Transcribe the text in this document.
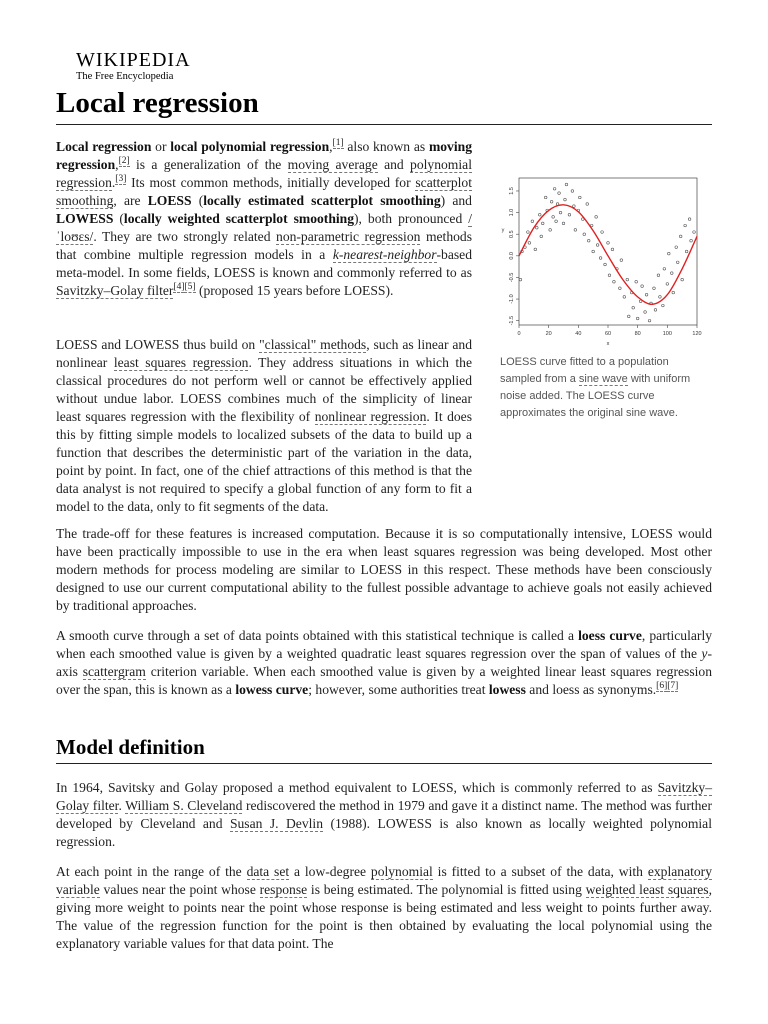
WIKIPEDIA
The Free Encyclopedia
Local regression
Local regression or local polynomial regression,[1] also known as moving regression,[2] is a generalization of the moving average and polynomial regression.[3] Its most common methods, initially developed for scatterplot smoothing, are LOESS (locally estimated scatterplot smoothing) and LOWESS (locally weighted scatterplot smoothing), both pronounced /ˈloʊɛs/. They are two strongly related non-parametric regression methods that combine multiple regression models in a k-nearest-neighbor-based meta-model. In some fields, LOESS is known and commonly referred to as Savitzky–Golay filter[4][5] (proposed 15 years before LOESS).
0	20	40	60	80	100	120
-1.5
-1.0
-0.5
0.0
0.5
1.0
1.5
x
y
LOESS curve fitted to a population sampled from a sine wave with uniform noise added. The LOESS curve approximates the original sine wave.
LOESS and LOWESS thus build on "classical" methods, such as linear and nonlinear least squares regression. They address situations in which the classical procedures do not perform well or cannot be effectively applied without undue labor. LOESS combines much of the simplicity of linear least squares regression with the flexibility of nonlinear regression. It does this by fitting simple models to localized subsets of the data to build up a function that describes the deterministic part of the variation in the data, point by point. In fact, one of the chief attractions of this method is that the data analyst is not required to specify a global function of any form to fit a model to the data, only to fit segments of the data.
The trade-off for these features is increased computation. Because it is so computationally intensive, LOESS would have been practically impossible to use in the era when least squares regression was being developed. Most other modern methods for process modeling are similar to LOESS in this respect. These methods have been consciously designed to use our current computational ability to the fullest possible advantage to achieve goals not easily achieved by traditional approaches.
A smooth curve through a set of data points obtained with this statistical technique is called a loess curve, particularly when each smoothed value is given by a weighted quadratic least squares regression over the span of values of the y-axis scattergram criterion variable. When each smoothed value is given by a weighted linear least squares regression over the span, this is known as a lowess curve; however, some authorities treat lowess and loess as synonyms.[6][7]
Model definition
In 1964, Savitsky and Golay proposed a method equivalent to LOESS, which is commonly referred to as Savitzky–Golay filter. William S. Cleveland rediscovered the method in 1979 and gave it a distinct name. The method was further developed by Cleveland and Susan J. Devlin (1988). LOWESS is also known as locally weighted polynomial regression.
At each point in the range of the data set a low-degree polynomial is fitted to a subset of the data, with explanatory variable values near the point whose response is being estimated. The polynomial is fitted using weighted least squares, giving more weight to points near the point whose response is being estimated and less weight to points further away. The value of the regression function for the point is then obtained by evaluating the local polynomial using the explanatory variable values for that data point. The
